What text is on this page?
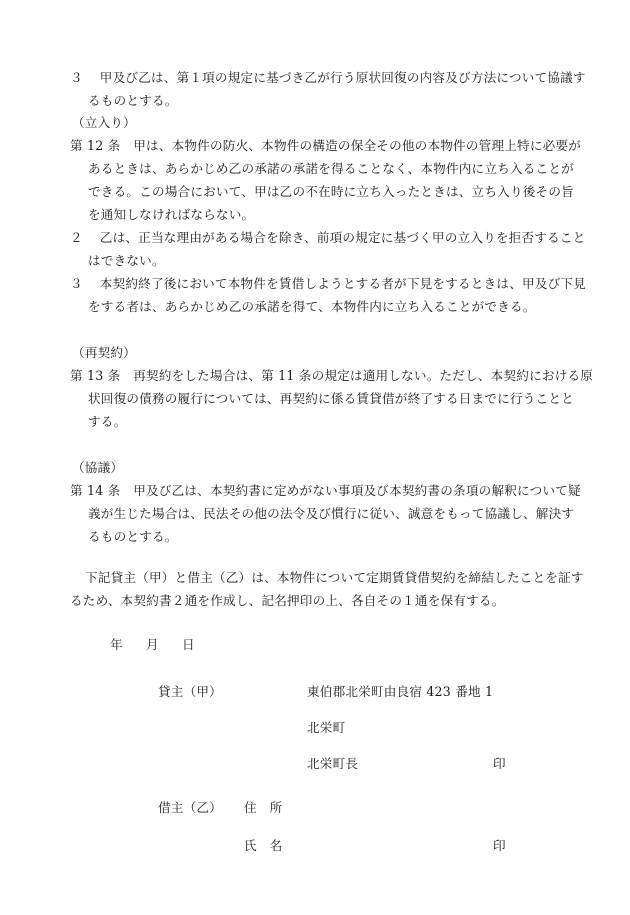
３　 甲及び乙は、第１項の規定に基づき乙が行う原状回復の内容及び方法について協議す
るものとする。
（立入り）
第 12 条　甲は、本物件の防火、本物件の構造の保全その他の本物件の管理上特に必要が
あるときは、あらかじめ乙の承諾の承諾を得ることなく、本物件内に立ち入ることが
できる。この場合において、甲は乙の不在時に立ち入ったときは、立ち入り後その旨
を通知しなければならない。
２　 乙は、正当な理由がある場合を除き、前項の規定に基づく甲の立入りを拒否すること
はできない。
３　 本契約終了後において本物件を賃借しようとする者が下見をするときは、甲及び下見
をする者は、あらかじめ乙の承諾を得て、本物件内に立ち入ることができる。
（再契約）
第 13 条　再契約をした場合は、第 11 条の規定は適用しない。ただし、本契約における原
状回復の債務の履行については、再契約に係る賃貸借が終了する日までに行うことと
する。
（協議）
第 14 条　甲及び乙は、本契約書に定めがない事項及び本契約書の条項の解釈について疑
義が生じた場合は、民法その他の法令及び慣行に従い、誠意をもって協議し、解決す
るものとする。
下記貸主（甲）と借主（乙）は、本物件について定期賃貸借契約を締結したことを証す
るため、本契約書２通を作成し、記名押印の上、各自その１通を保有する。
年 月 日
貸主（甲）	東伯郡北栄町由良宿 423 番地 1
北栄町
北栄町長	印
借主（乙） 住　所
氏　名	印
